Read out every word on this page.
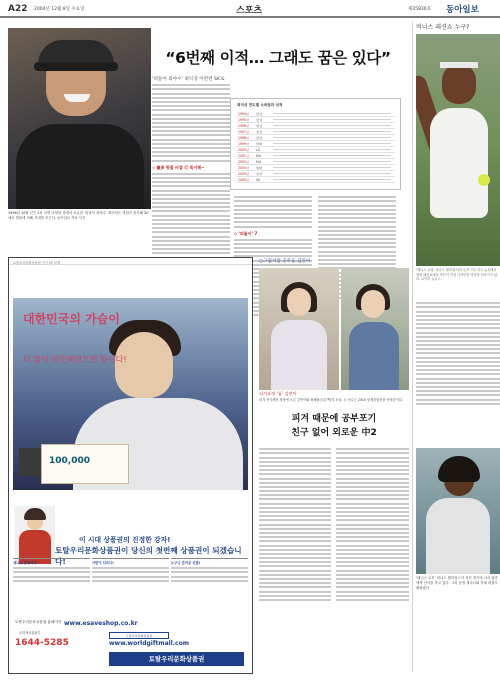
A22 2004년 12월 8일 수요일	스포츠	제25836호 동아일보
1996년 10월 신인 2차 지명 다양한 경력의 보유한 ‘떠돌이 외야수’ 최익성은 경험이 풍부해 SK에서 발판에 의해 기대를 모은다. 동아일보 자료 사진
“6번째 이적… 그래도 꿈은 있다”
‘떠돌이 외야수’ 최익성 이번엔 SK로
◇ 最多 방출 비결 ⓒ 특이해~
◇ ‘떠돌이’ 7
최익성 연도별 소속팀과 성적
1994년	삼성	

1995년	삼성	

1996년	삼성	

1997년	삼성	

1998년	삼성	

1999년	한화	

2000년	LG	

2001년	KIA	

2002년	KIA	

2003년	현대	

2004년	삼성	

2005년	SK	
비너스 패션쇼 누구?
‘테니스 요정’ 비너스 윌리엄스(미국)가 7일 미국 뉴욕에서 열린 패션쇼에서 자신이 직접 디자인한 의상을 선보이고 있다. 로이터 뉴시스
‘테니스 요정’ 비너스 윌리엄스가 자선 경기에 나서 관중에게 인사를 하고 있다. 그의 동생 세리나와 자매 대결도 펼쳐졌다.
토탈우리문화상품권 인기 CF 모델
100,000
대한민국의 가슴이
더 많이 따뜻해졌으면 합니다!
이 시대 상품권의 진정한 강자!
토탈우리문화상품권이 당신의 첫번째 상품권이 되겠습니다!
새나로 통장처리!	사람이 다르다!	누구나 즐거운 선물!
토탈우리문화상품권 홈페이지 www.esaveshop.co.kr
문화체육관광부
1644-5285
토탈우리문화상품권
www.worldgiftmall.com
토탈우리문화상품권
○그림처럼 공주들 김연아
피겨요정 ‘톱’ 김연아
피겨 전국체전 정상에 오른 김연아와 최혜린(오른쪽)의 모습. 두 선수는 2010 동계올림픽을 준비중이다.
피겨 때문에 공부포기
친구 없어 외로운 中2
